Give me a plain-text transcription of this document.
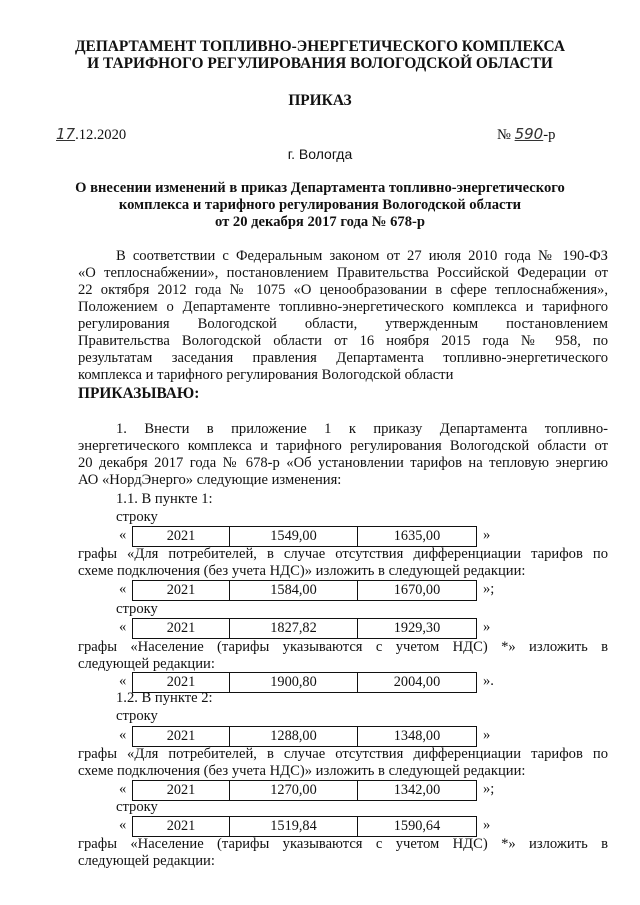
ДЕПАРТАМЕНТ ТОПЛИВНО-ЭНЕРГЕТИЧЕСКОГО КОМПЛЕКСА
И ТАРИФНОГО РЕГУЛИРОВАНИЯ ВОЛОГОДСКОЙ ОБЛАСТИ
ПРИКАЗ
17.12.2020	№ 590-р
г. Вологда
О внесении изменений в приказ Департамента топливно-энергетического
комплекса и тарифного регулирования Вологодской области
от 20 декабря 2017 года № 678-р
В соответствии с Федеральным законом от 27 июля 2010 года № 190-ФЗ
«О теплоснабжении», постановлением Правительства Российской Федерации от
22 октября 2012 года № 1075 «О ценообразовании в сфере теплоснабжения»,
Положением о Департаменте топливно-энергетического комплекса и тарифного
регулирования Вологодской области, утвержденным постановлением
Правительства Вологодской области от 16 ноября 2015 года № 958, по
результатам заседания правления Департамента топливно-энергетического
комплекса и тарифного регулирования Вологодской области
ПРИКАЗЫВАЮ:
1. Внести в приложение 1 к приказу Департамента топливно-
энергетического комплекса и тарифного регулирования Вологодской области от
20 декабря 2017 года № 678-р «Об установлении тарифов на тепловую энергию
АО «НордЭнерго» следующие изменения:
1.1. В пункте 1:
строку
«	2021	1549,00	1635,00	»
графы «Для потребителей, в случае отсутствия дифференциации тарифов по
схеме подключения (без учета НДС)» изложить в следующей редакции:
«	2021	1584,00	1670,00	»;
строку
«	2021	1827,82	1929,30	»
графы «Население (тарифы указываются с учетом НДС) *» изложить в
следующей редакции:
«	2021	1900,80	2004,00	».
1.2. В пункте 2:
строку
«	2021	1288,00	1348,00	»
графы «Для потребителей, в случае отсутствия дифференциации тарифов по
схеме подключения (без учета НДС)» изложить в следующей редакции:
«	2021	1270,00	1342,00	»;
строку
«	2021	1519,84	1590,64	»
графы «Население (тарифы указываются с учетом НДС) *» изложить в
следующей редакции:
